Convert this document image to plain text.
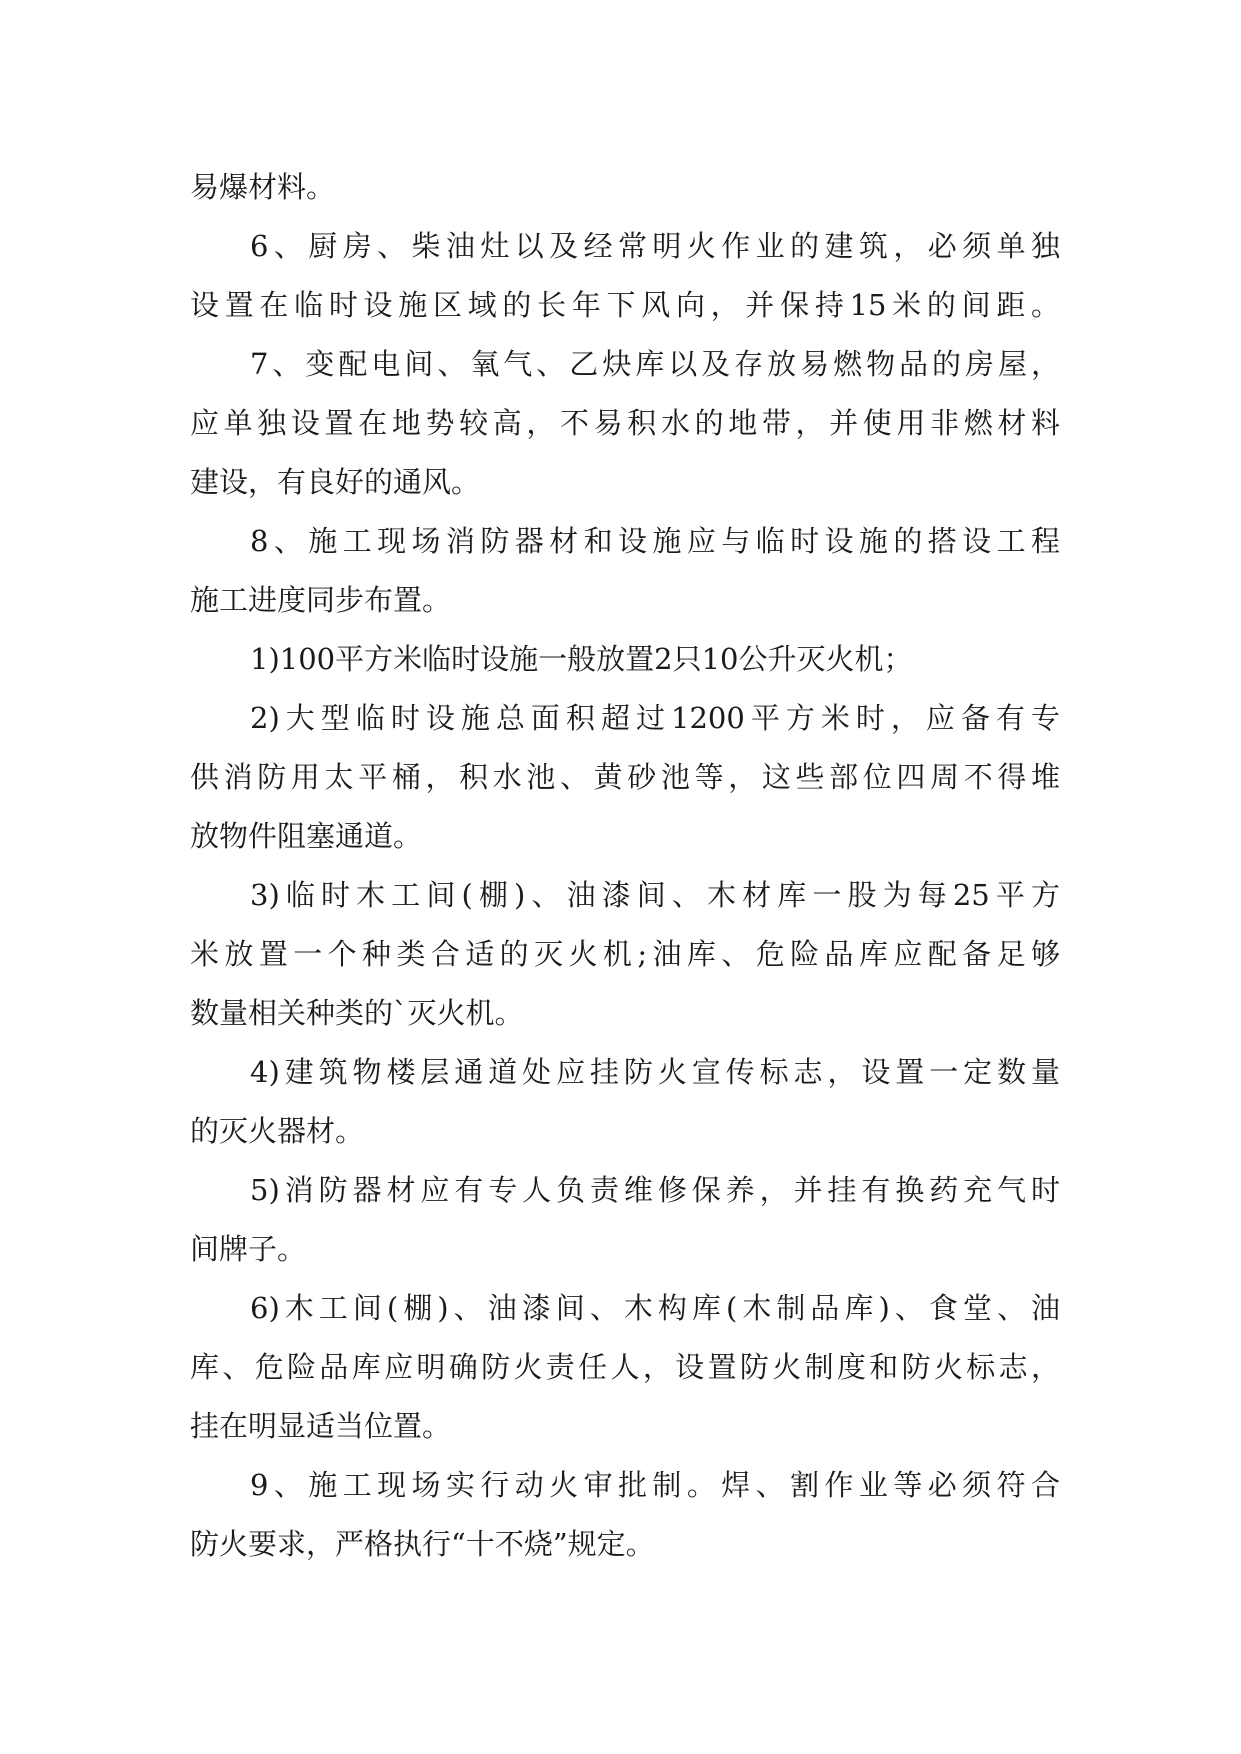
易爆材料。
6、厨房、柴油灶以及经常明火作业的建筑，必须单独
设置在临时设施区域的长年下风向，并保持15米的间距。
7、变配电间、氧气、乙炔库以及存放易燃物品的房屋，
应单独设置在地势较高，不易积水的地带，并使用非燃材料
建设，有良好的通风。
8、施工现场消防器材和设施应与临时设施的搭设工程
施工进度同步布置。
1)100平方米临时设施一般放置2只10公升灭火机；
2)大型临时设施总面积超过1200平方米时，应备有专
供消防用太平桶，积水池、黄砂池等，这些部位四周不得堆
放物件阻塞通道。
3)临时木工间(棚)、油漆间、木材库一股为每25平方
米放置一个种类合适的灭火机;油库、危险品库应配备足够
数量相关种类的`灭火机。
4)建筑物楼层通道处应挂防火宣传标志，设置一定数量
的灭火器材。
5)消防器材应有专人负责维修保养，并挂有换药充气时
间牌子。
6)木工间(棚)、油漆间、木构库(木制品库)、食堂、油
库、危险品库应明确防火责任人，设置防火制度和防火标志，
挂在明显适当位置。
9、施工现场实行动火审批制。焊、割作业等必须符合
防火要求，严格执行“十不烧”规定。
